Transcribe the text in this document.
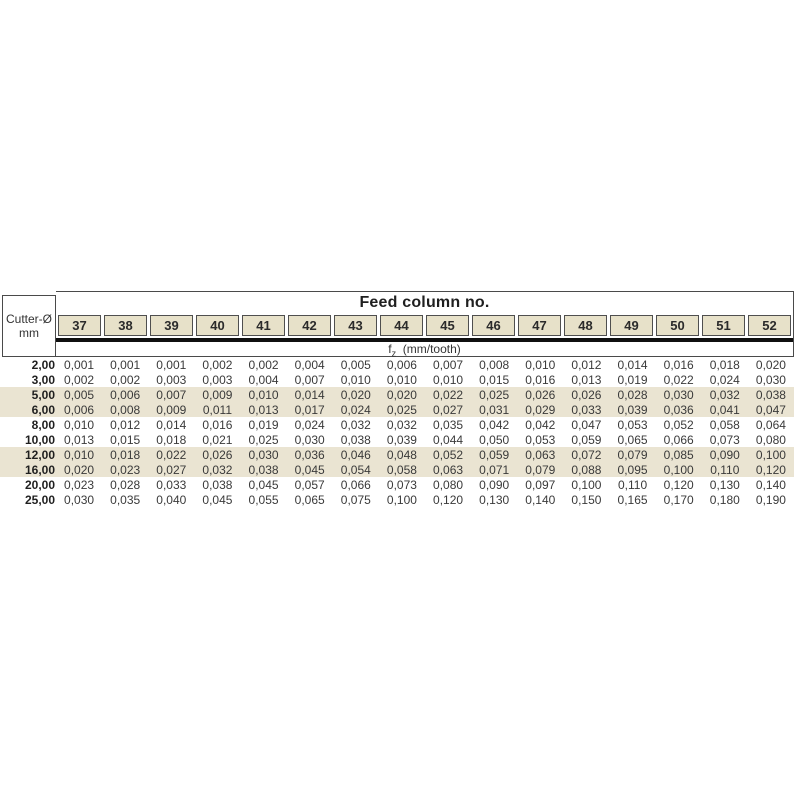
Cutter-Ø
mm
Feed column no.
37	38	39	40	41	42	43	44	45	46	47	48	49	50	51	52
$f_z$ (mm/tooth)
2,00 0,001	0,001	0,001	0,002	0,002	0,004	0,005	0,006	0,007	0,008	0,010	0,012	0,014	0,016	0,018	0,020
3,00 0,002	0,002	0,003	0,003	0,004	0,007	0,010	0,010	0,010	0,015	0,016	0,013	0,019	0,022	0,024	0,030
5,00 0,005	0,006	0,007	0,009	0,010	0,014	0,020	0,020	0,022	0,025	0,026	0,026	0,028	0,030	0,032	0,038
6,00 0,006	0,008	0,009	0,011	0,013	0,017	0,024	0,025	0,027	0,031	0,029	0,033	0,039	0,036	0,041	0,047
8,00 0,010	0,012	0,014	0,016	0,019	0,024	0,032	0,032	0,035	0,042	0,042	0,047	0,053	0,052	0,058	0,064
10,00 0,013	0,015	0,018	0,021	0,025	0,030	0,038	0,039	0,044	0,050	0,053	0,059	0,065	0,066	0,073	0,080
12,00 0,010	0,018	0,022	0,026	0,030	0,036	0,046	0,048	0,052	0,059	0,063	0,072	0,079	0,085	0,090	0,100
16,00 0,020	0,023	0,027	0,032	0,038	0,045	0,054	0,058	0,063	0,071	0,079	0,088	0,095	0,100	0,110	0,120
20,00 0,023	0,028	0,033	0,038	0,045	0,057	0,066	0,073	0,080	0,090	0,097	0,100	0,110	0,120	0,130	0,140
25,00 0,030	0,035	0,040	0,045	0,055	0,065	0,075	0,100	0,120	0,130	0,140	0,150	0,165	0,170	0,180	0,190
